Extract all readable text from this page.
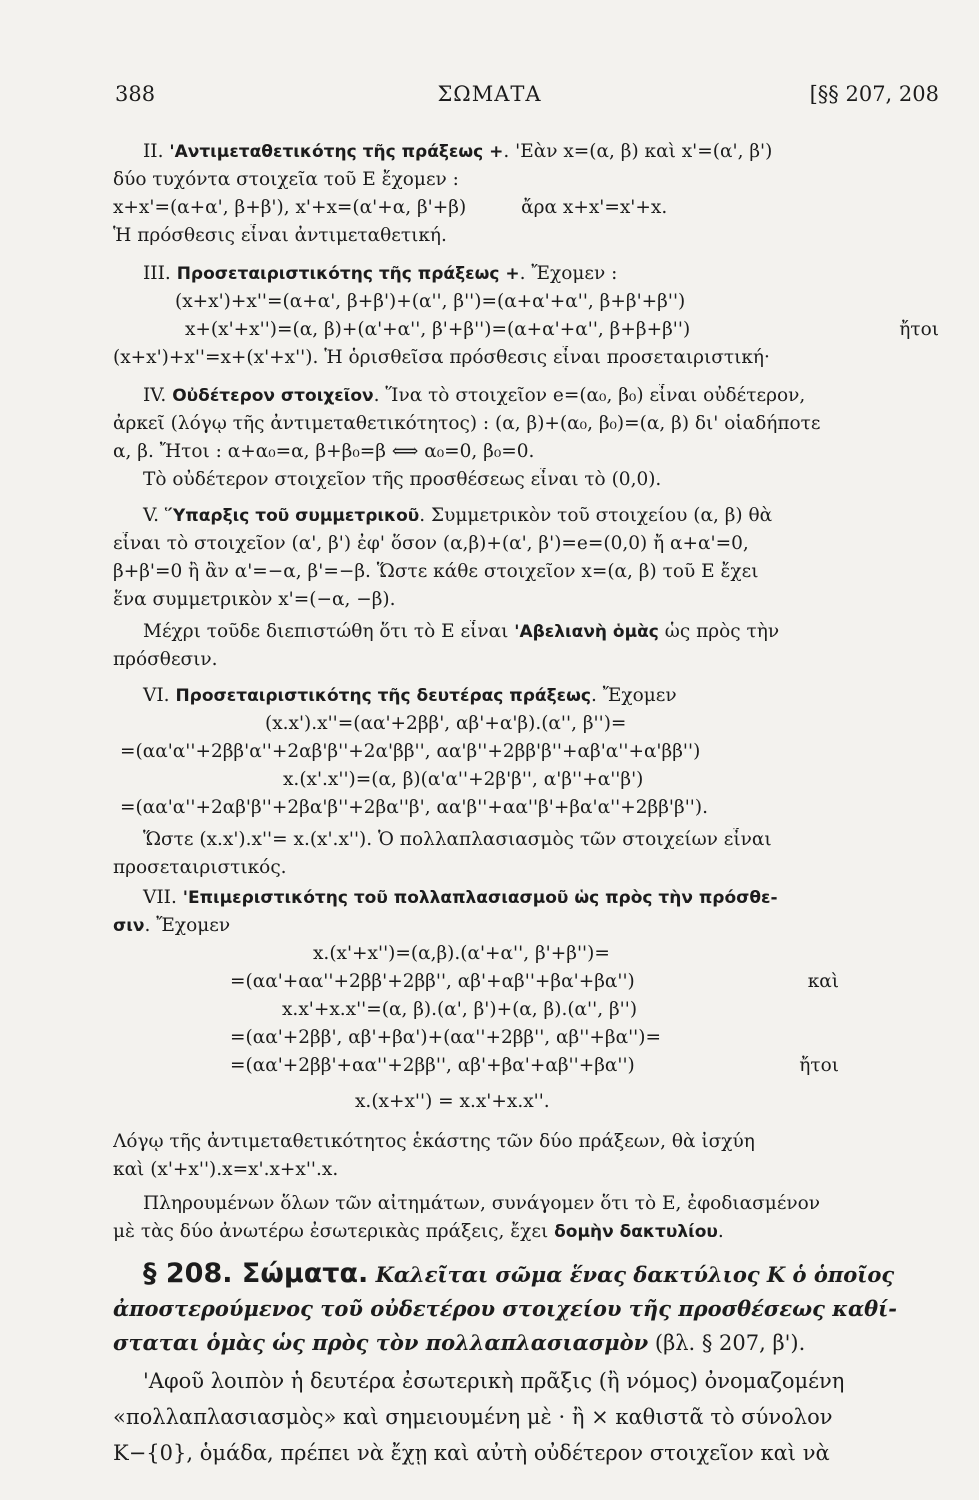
388	ΣΩΜΑΤΑ	[§§ 207, 208
ΙΙ. 'Αντιμεταθετικότης τῆς πράξεως +. 'Εὰν x=(α, β) καὶ x'=(α', β')
δύο τυχόντα στοιχεῖα τοῦ Ε ἔχομεν :
x+x'=(α+α', β+β'), x'+x=(α'+α, β'+β)	ἄρα x+x'=x'+x.
Ἡ πρόσθεσις εἶναι ἀντιμεταθετική.
ΙΙΙ. Προσεταιριστικότης τῆς πράξεως +. Ἔχομεν :
(x+x')+x''=(α+α', β+β')+(α'', β'')=(α+α'+α'', β+β'+β'')
x+(x'+x'')=(α, β)+(α'+α'', β'+β'')=(α+α'+α'', β+β+β'')	ἤτοι
(x+x')+x''=x+(x'+x''). Ἡ ὁρισθεῖσα πρόσθεσις εἶναι προσεταιριστική·
IV. Οὐδέτερον στοιχεῖον. Ἵνα τὸ στοιχεῖον e=(α₀, β₀) εἶναι οὐδέτερον,
ἀρκεῖ (λόγῳ τῆς ἀντιμεταθετικότητος) : (α, β)+(α₀, β₀)=(α, β) δι' οἱαδήποτε
α, β. Ἤτοι : α+α₀=α, β+β₀=β ⟺ α₀=0, β₀=0.
Τὸ οὐδέτερον στοιχεῖον τῆς προσθέσεως εἶναι τὸ (0,0).
V. Ὕπαρξις τοῦ συμμετρικοῦ. Συμμετρικὸν τοῦ στοιχείου (α, β) θὰ
εἶναι τὸ στοιχεῖον (α', β') ἐφ' ὅσον (α,β)+(α', β')=e=(0,0) ἤ α+α'=0,
β+β'=0 ἢ ἂν α'=−α, β'=−β. Ὥστε κάθε στοιχεῖον x=(α, β) τοῦ Ε ἔχει
ἕνα συμμετρικὸν x'=(−α, −β).
Μέχρι τοῦδε διεπιστώθη ὅτι τὸ Ε εἶναι 'Αβελιανὴ ὁμὰς ὡς πρὸς τὴν
πρόσθεσιν.
VI. Προσεταιριστικότης τῆς δευτέρας πράξεως. Ἔχομεν
(x.x').x''=(αα'+2ββ', αβ'+α'β).(α'', β'')=
=(αα'α''+2ββ'α''+2αβ'β''+2α'ββ'', αα'β''+2ββ'β''+αβ'α''+α'ββ'')
x.(x'.x'')=(α, β)(α'α''+2β'β'', α'β''+α''β')
=(αα'α''+2αβ'β''+2βα'β''+2βα''β', αα'β''+αα''β'+βα'α''+2ββ'β'').
Ὥστε (x.x').x''= x.(x'.x''). Ὁ πολλαπλασιασμὸς τῶν στοιχείων εἶναι
προσεταιριστικός.
VII. 'Επιμεριστικότης τοῦ πολλαπλασιασμοῦ ὡς πρὸς τὴν πρόσθε-
σιν. Ἔχομεν
x.(x'+x'')=(α,β).(α'+α'', β'+β'')=
=(αα'+αα''+2ββ'+2ββ'', αβ'+αβ''+βα'+βα'')	καὶ
x.x'+x.x''=(α, β).(α', β')+(α, β).(α'', β'')
=(αα'+2ββ', αβ'+βα')+(αα''+2ββ'', αβ''+βα'')=
=(αα'+2ββ'+αα''+2ββ'', αβ'+βα'+αβ''+βα'')	ἤτοι
x.(x+x'') = x.x'+x.x''.
Λόγῳ τῆς ἀντιμεταθετικότητος ἑκάστης τῶν δύο πράξεων, θὰ ἰσχύη
καὶ (x'+x'').x=x'.x+x''.x.
Πληρουμένων ὅλων τῶν αἰτημάτων, συνάγομεν ὅτι τὸ Ε, ἐφοδιασμένον
μὲ τὰς δύο ἀνωτέρω ἐσωτερικὰς πράξεις, ἔχει δομὴν δακτυλίου.
§ 208. Σώματα. Καλεῖται σῶμα ἕνας δακτύλιος Κ ὁ ὁποῖος
ἀποστερούμενος τοῦ οὐδετέρου στοιχείου τῆς προσθέσεως καθί-
σταται ὁμὰς ὡς πρὸς τὸν πολλαπλασιασμὸν (βλ. § 207, β').
'Αφοῦ λοιπὸν ἡ δευτέρα ἐσωτερικὴ πρᾶξις (ἢ νόμος) ὀνομαζομένη
«πολλαπλασιασμὸς» καὶ σημειουμένη μὲ · ἢ × καθιστᾶ τὸ σύνολον
Κ−{0}, ὁμάδα, πρέπει νὰ ἔχῃ καὶ αὐτὴ οὐδέτερον στοιχεῖον καὶ νὰ
